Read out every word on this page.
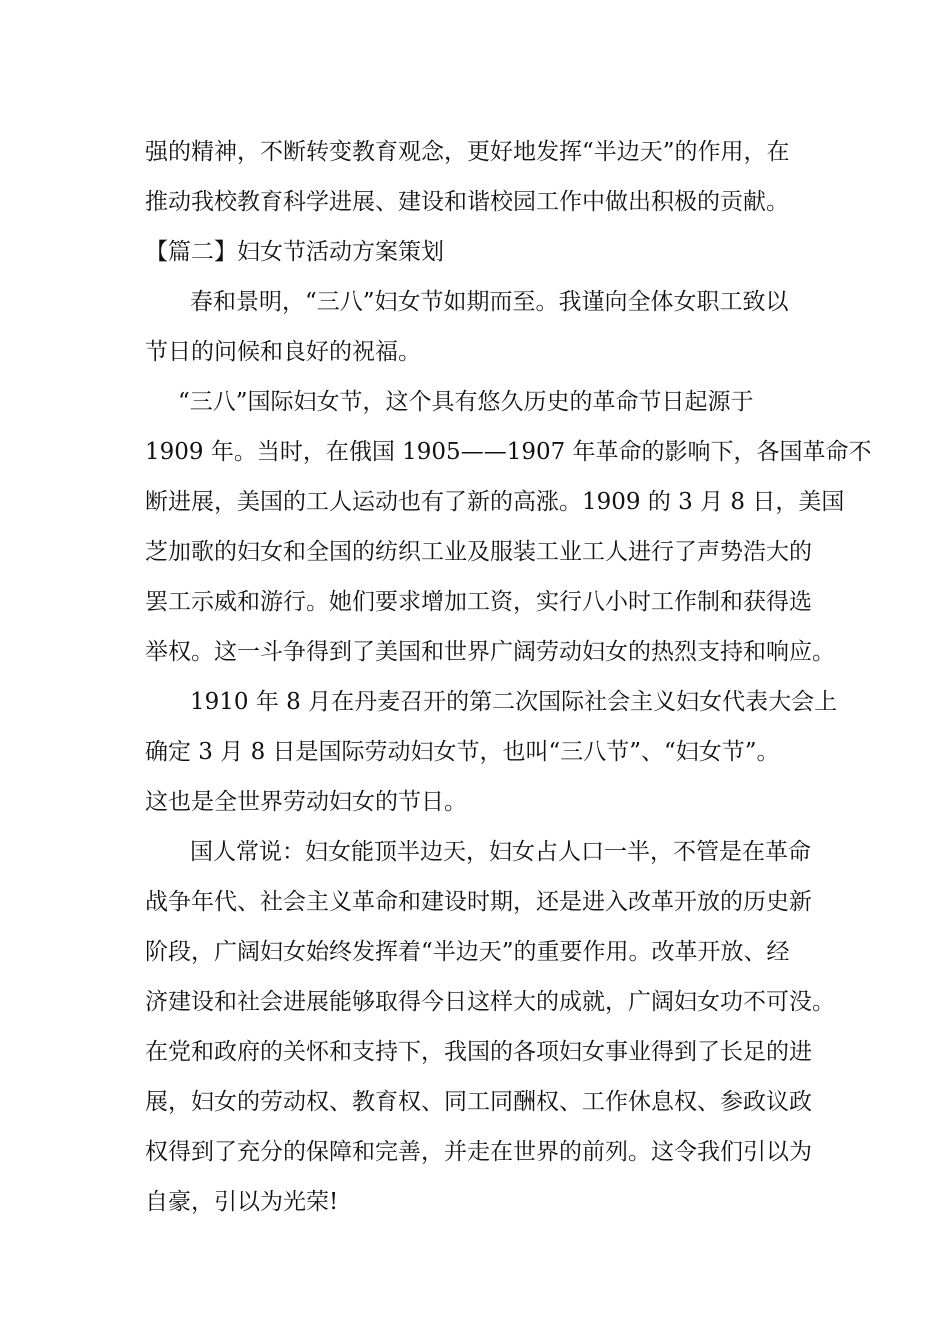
强的精神，不断转变教育观念，更好地发挥“半边天”的作用，在
推动我校教育科学进展、建设和谐校园工作中做出积极的贡献。
【篇二】妇女节活动方案策划
春和景明，“三八”妇女节如期而至。我谨向全体女职工致以
节日的问候和良好的祝福。
“三八”国际妇女节，这个具有悠久历史的革命节日起源于
1909 年。当时，在俄国 1905——1907 年革命的影响下，各国革命不
断进展，美国的工人运动也有了新的高涨。1909 的 3 月 8 日，美国
芝加歌的妇女和全国的纺织工业及服装工业工人进行了声势浩大的
罢工示威和游行。她们要求增加工资，实行八小时工作制和获得选
举权。这一斗争得到了美国和世界广阔劳动妇女的热烈支持和响应。
1910 年 8 月在丹麦召开的第二次国际社会主义妇女代表大会上
确定 3 月 8 日是国际劳动妇女节，也叫“三八节”、“妇女节”。
这也是全世界劳动妇女的节日。
国人常说：妇女能顶半边天，妇女占人口一半，不管是在革命
战争年代、社会主义革命和建设时期，还是进入改革开放的历史新
阶段，广阔妇女始终发挥着“半边天”的重要作用。改革开放、经
济建设和社会进展能够取得今日这样大的成就，广阔妇女功不可没。
在党和政府的关怀和支持下，我国的各项妇女事业得到了长足的进
展，妇女的劳动权、教育权、同工同酬权、工作休息权、参政议政
权得到了充分的保障和完善，并走在世界的前列。这令我们引以为
自豪，引以为光荣!
